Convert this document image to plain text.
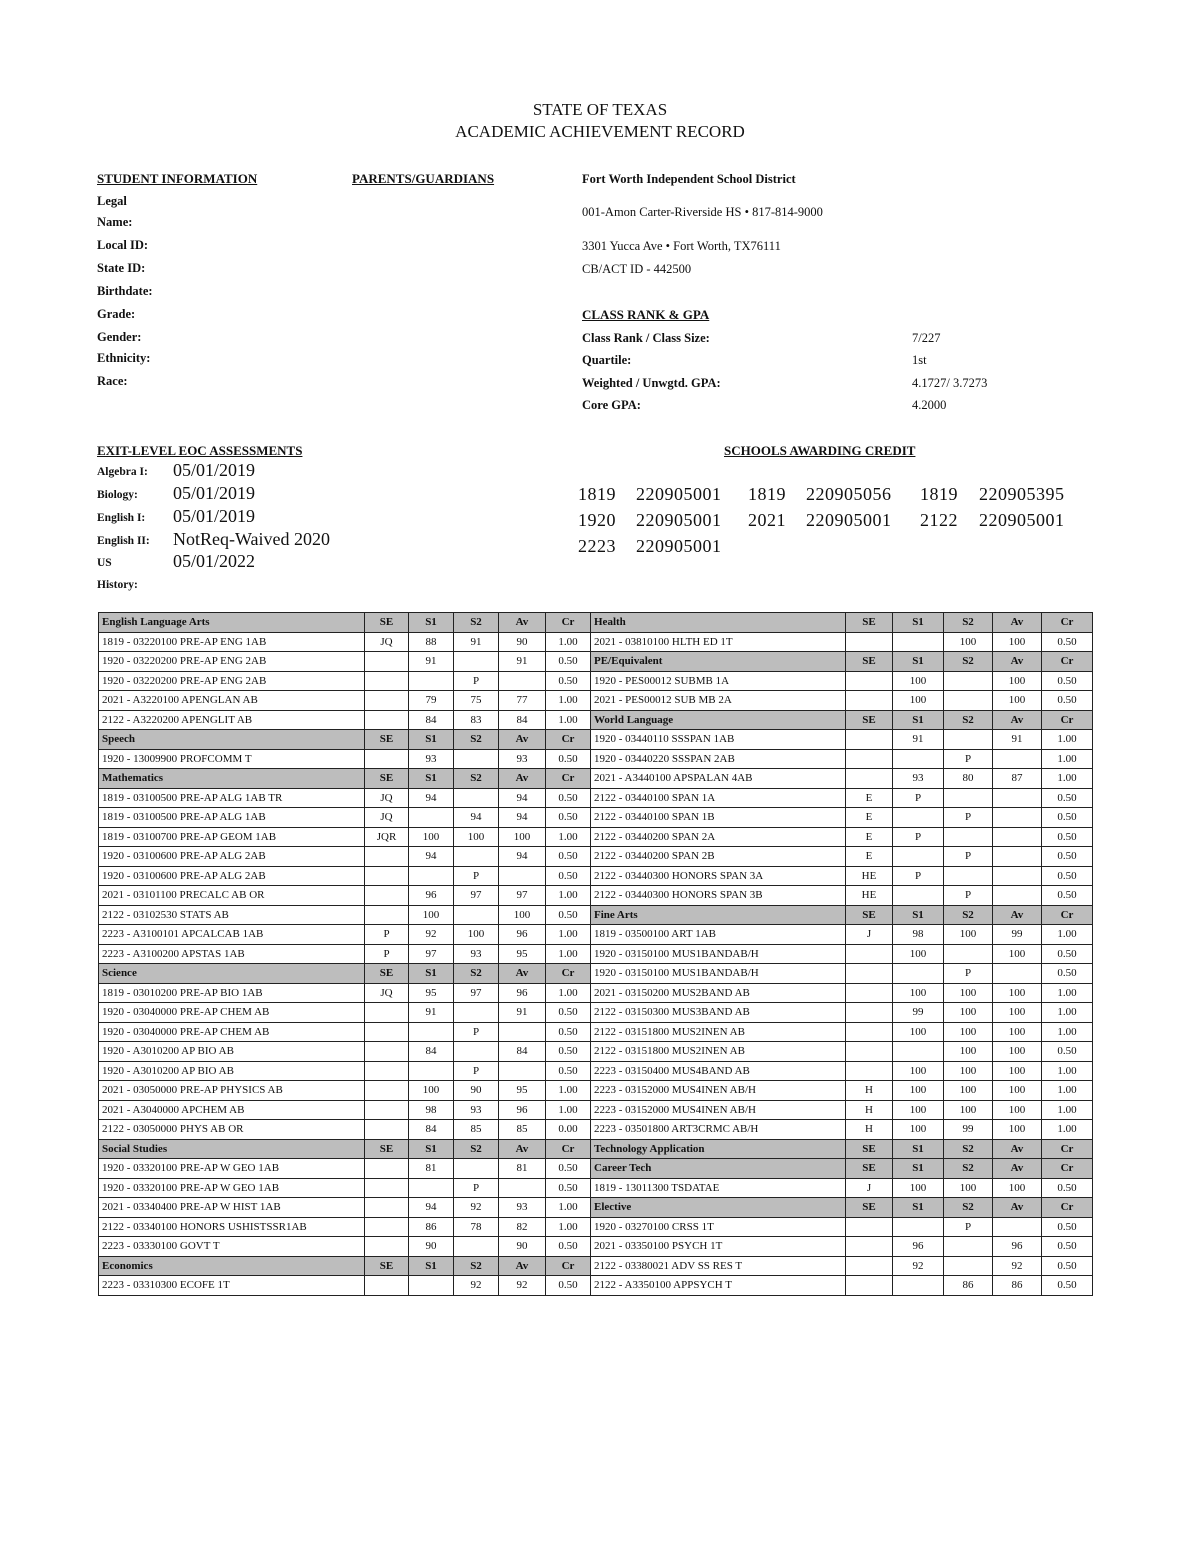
STATE OF TEXAS
ACADEMIC ACHIEVEMENT RECORD
STUDENT INFORMATION
Legal
Name:
Local ID:
State ID:
Birthdate:
Grade:
Gender:
Ethnicity:
Race:
PARENTS/GUARDIANS	Fort Worth Independent School District
001-Amon Carter-Riverside HS • 817-814-9000
3301 Yucca Ave • Fort Worth, TX76111
CB/ACT ID - 442500
CLASS RANK & GPA
Class Rank / Class Size:	7/227
Quartile:	1st
Weighted / Unwgtd. GPA:	4.1727/ 3.7273
Core GPA:	4.2000
EXIT-LEVEL EOC ASSESSMENTS
Algebra I: 05/01/2019
Biology: 05/01/2019
English I: 05/01/2019
English II: NotReq-Waived 2020
US	05/01/2022
History:
SCHOOLS AWARDING CREDIT
1819 220905001 1819 220905056 1819 220905395
1920 220905001 2021 220905001 2122 220905001
2223 220905001
English Language Arts	SE	S1	S2	Av	Cr	Health	SE	S1	S2	Av	Cr
1819 - 03220100 PRE-AP ENG 1AB	JQ	88	91	90	1.00	2021 - 03810100 HLTH ED 1T			100	100	0.50
1920 - 03220200 PRE-AP ENG 2AB		91		91	0.50	PE/Equivalent	SE	S1	S2	Av	Cr
1920 - 03220200 PRE-AP ENG 2AB			P		0.50	1920 - PES00012 SUBMB 1A		100		100	0.50
2021 - A3220100 APENGLAN AB		79	75	77	1.00	2021 - PES00012 SUB MB 2A		100		100	0.50
2122 - A3220200 APENGLIT AB		84	83	84	1.00	World Language	SE	S1	S2	Av	Cr
Speech	SE	S1	S2	Av	Cr	1920 - 03440110 SSSPAN 1AB		91		91	1.00
1920 - 13009900 PROFCOMM T		93		93	0.50	1920 - 03440220 SSSPAN 2AB			P		1.00
Mathematics	SE	S1	S2	Av	Cr	2021 - A3440100 APSPALAN 4AB		93	80	87	1.00
1819 - 03100500 PRE-AP ALG 1AB TR	JQ	94		94	0.50	2122 - 03440100 SPAN 1A	E	P			0.50
1819 - 03100500 PRE-AP ALG 1AB	JQ		94	94	0.50	2122 - 03440100 SPAN 1B	E		P		0.50
1819 - 03100700 PRE-AP GEOM 1AB	JQR	100	100	100	1.00	2122 - 03440200 SPAN 2A	E	P			0.50
1920 - 03100600 PRE-AP ALG 2AB		94		94	0.50	2122 - 03440200 SPAN 2B	E		P		0.50
1920 - 03100600 PRE-AP ALG 2AB			P		0.50	2122 - 03440300 HONORS SPAN 3A	HE	P			0.50
2021 - 03101100 PRECALC AB OR		96	97	97	1.00	2122 - 03440300 HONORS SPAN 3B	HE		P		0.50
2122 - 03102530 STATS AB		100		100	0.50	Fine Arts	SE	S1	S2	Av	Cr
2223 - A3100101 APCALCAB 1AB	P	92	100	96	1.00	1819 - 03500100 ART 1AB	J	98	100	99	1.00
2223 - A3100200 APSTAS 1AB	P	97	93	95	1.00	1920 - 03150100 MUS1BANDAB/H		100		100	0.50
Science	SE	S1	S2	Av	Cr	1920 - 03150100 MUS1BANDAB/H			P		0.50
1819 - 03010200 PRE-AP BIO 1AB	JQ	95	97	96	1.00	2021 - 03150200 MUS2BAND AB		100	100	100	1.00
1920 - 03040000 PRE-AP CHEM AB		91		91	0.50	2122 - 03150300 MUS3BAND AB		99	100	100	1.00
1920 - 03040000 PRE-AP CHEM AB			P		0.50	2122 - 03151800 MUS2INEN AB		100	100	100	1.00
1920 - A3010200 AP BIO AB		84		84	0.50	2122 - 03151800 MUS2INEN AB			100	100	0.50
1920 - A3010200 AP BIO AB			P		0.50	2223 - 03150400 MUS4BAND AB		100	100	100	1.00
2021 - 03050000 PRE-AP PHYSICS AB		100	90	95	1.00	2223 - 03152000 MUS4INEN AB/H	H	100	100	100	1.00
2021 - A3040000 APCHEM AB		98	93	96	1.00	2223 - 03152000 MUS4INEN AB/H	H	100	100	100	1.00
2122 - 03050000 PHYS AB OR		84	85	85	0.00	2223 - 03501800 ART3CRMC AB/H	H	100	99	100	1.00
Social Studies	SE	S1	S2	Av	Cr	Technology Application	SE	S1	S2	Av	Cr
1920 - 03320100 PRE-AP W GEO 1AB		81		81	0.50	Career Tech	SE	S1	S2	Av	Cr
1920 - 03320100 PRE-AP W GEO 1AB			P		0.50	1819 - 13011300 TSDATAE	J	100	100	100	0.50
2021 - 03340400 PRE-AP W HIST 1AB		94	92	93	1.00	Elective	SE	S1	S2	Av	Cr
2122 - 03340100 HONORS USHISTSSR1AB		86	78	82	1.00	1920 - 03270100 CRSS 1T			P		0.50
2223 - 03330100 GOVT T		90		90	0.50	2021 - 03350100 PSYCH 1T		96		96	0.50
Economics	SE	S1	S2	Av	Cr	2122 - 03380021 ADV SS RES T		92		92	0.50
2223 - 03310300 ECOFE 1T			92	92	0.50	2122 - A3350100 APPSYCH T			86	86	0.50
